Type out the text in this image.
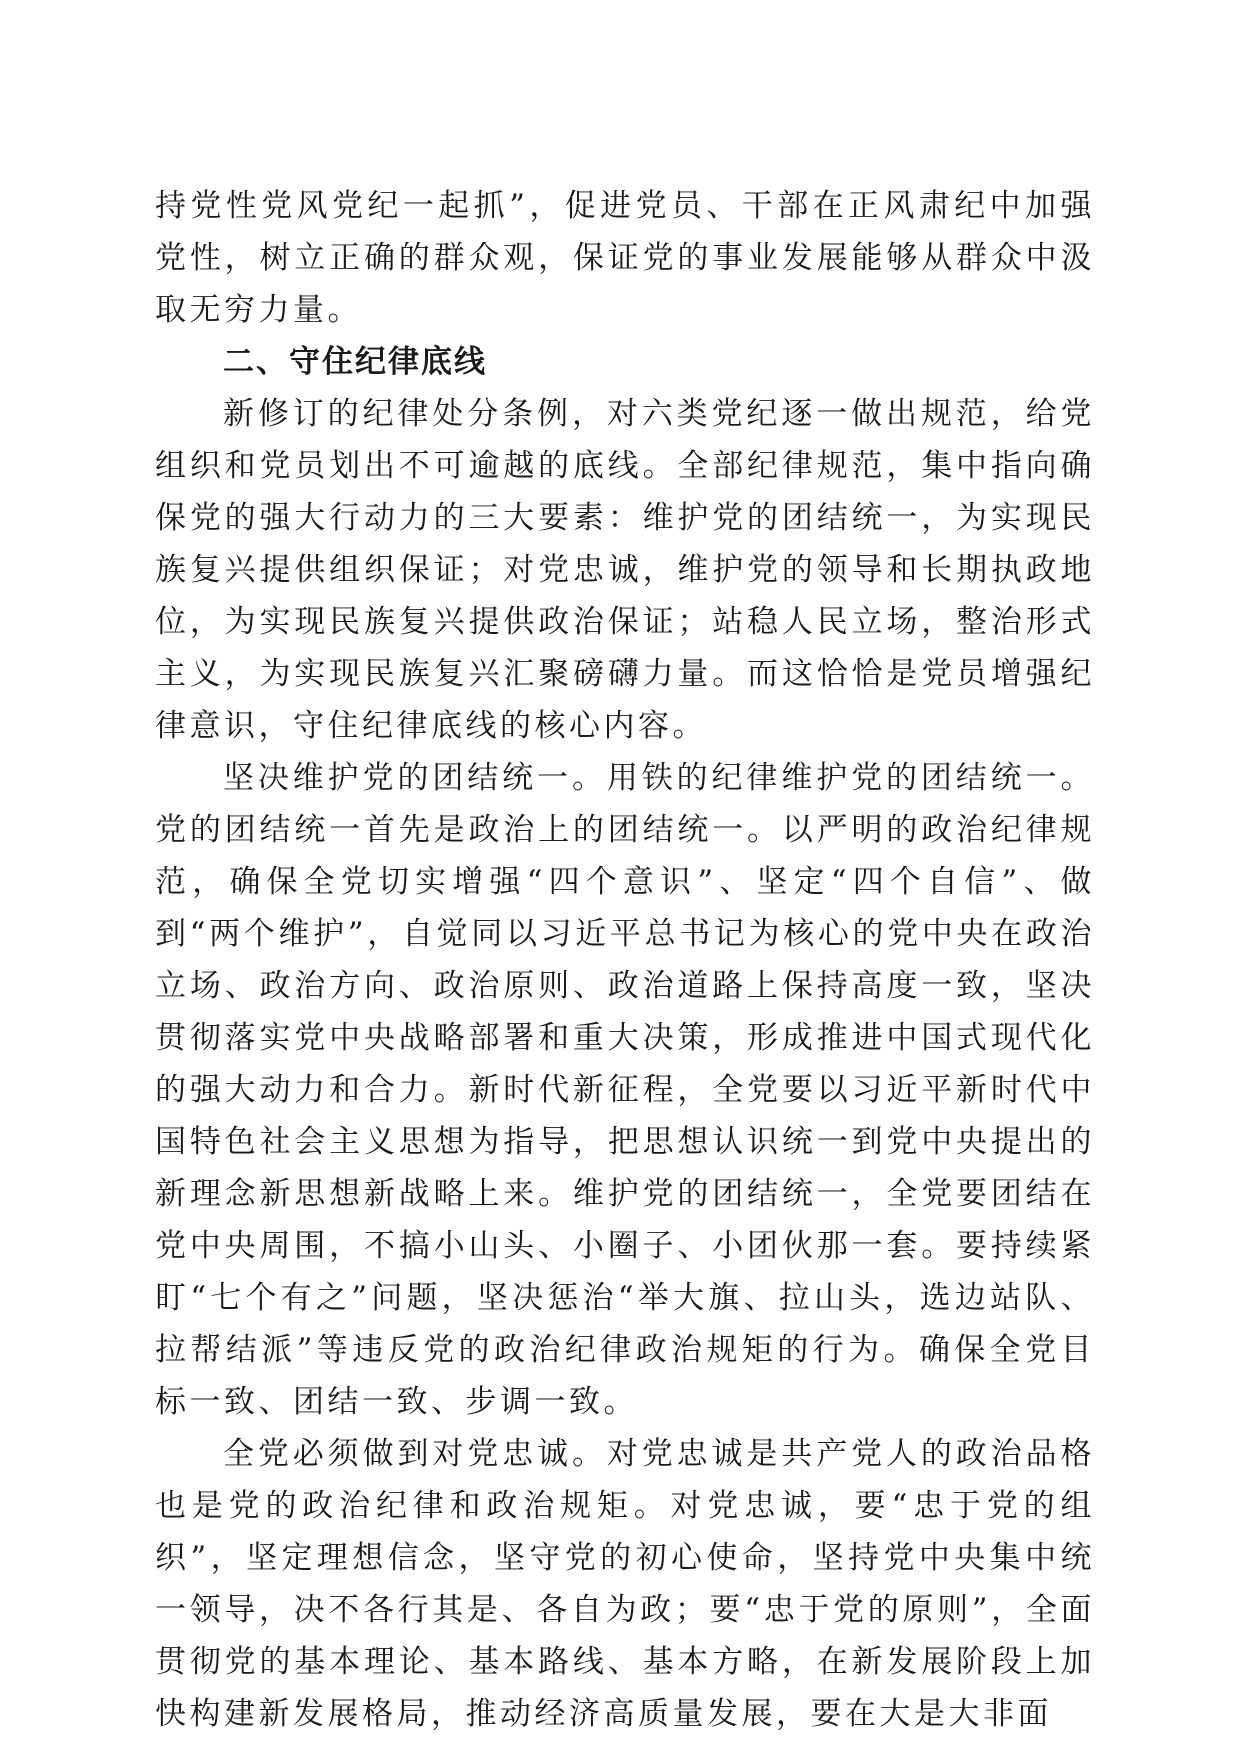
持党性党风党纪一起抓”，促进党员、干部在正风肃纪中加强党性，树立正确的群众观，保证党的事业发展能够从群众中汲取无穷力量。

二、守住纪律底线

新修订的纪律处分条例，对六类党纪逐一做出规范，给党组织和党员划出不可逾越的底线。全部纪律规范，集中指向确保党的强大行动力的三大要素：维护党的团结统一，为实现民族复兴提供组织保证；对党忠诚，维护党的领导和长期执政地位，为实现民族复兴提供政治保证；站稳人民立场，整治形式主义，为实现民族复兴汇聚磅礴力量。而这恰恰是党员增强纪律意识，守住纪律底线的核心内容。

坚决维护党的团结统一。用铁的纪律维护党的团结统一。党的团结统一首先是政治上的团结统一。以严明的政治纪律规范，确保全党切实增强“四个意识”、坚定“四个自信”、做到“两个维护”，自觉同以习近平总书记为核心的党中央在政治立场、政治方向、政治原则、政治道路上保持高度一致，坚决贯彻落实党中央战略部署和重大决策，形成推进中国式现代化的强大动力和合力。新时代新征程，全党要以习近平新时代中国特色社会主义思想为指导，把思想认识统一到党中央提出的新理念新思想新战略上来。维护党的团结统一，全党要团结在党中央周围，不搞小山头、小圈子、小团伙那一套。要持续紧盯“七个有之”问题，坚决惩治“举大旗、拉山头，选边站队、拉帮结派”等违反党的政治纪律政治规矩的行为。确保全党目标一致、团结一致、步调一致。

全党必须做到对党忠诚。对党忠诚是共产党人的政治品格也是党的政治纪律和政治规矩。对党忠诚，要“忠于党的组织”，坚定理想信念，坚守党的初心使命，坚持党中央集中统一领导，决不各行其是、各自为政；要“忠于党的原则”，全面贯彻党的基本理论、基本路线、基本方略，在新发展阶段上加快构建新发展格局，推动经济高质量发展，要在大是大非面
